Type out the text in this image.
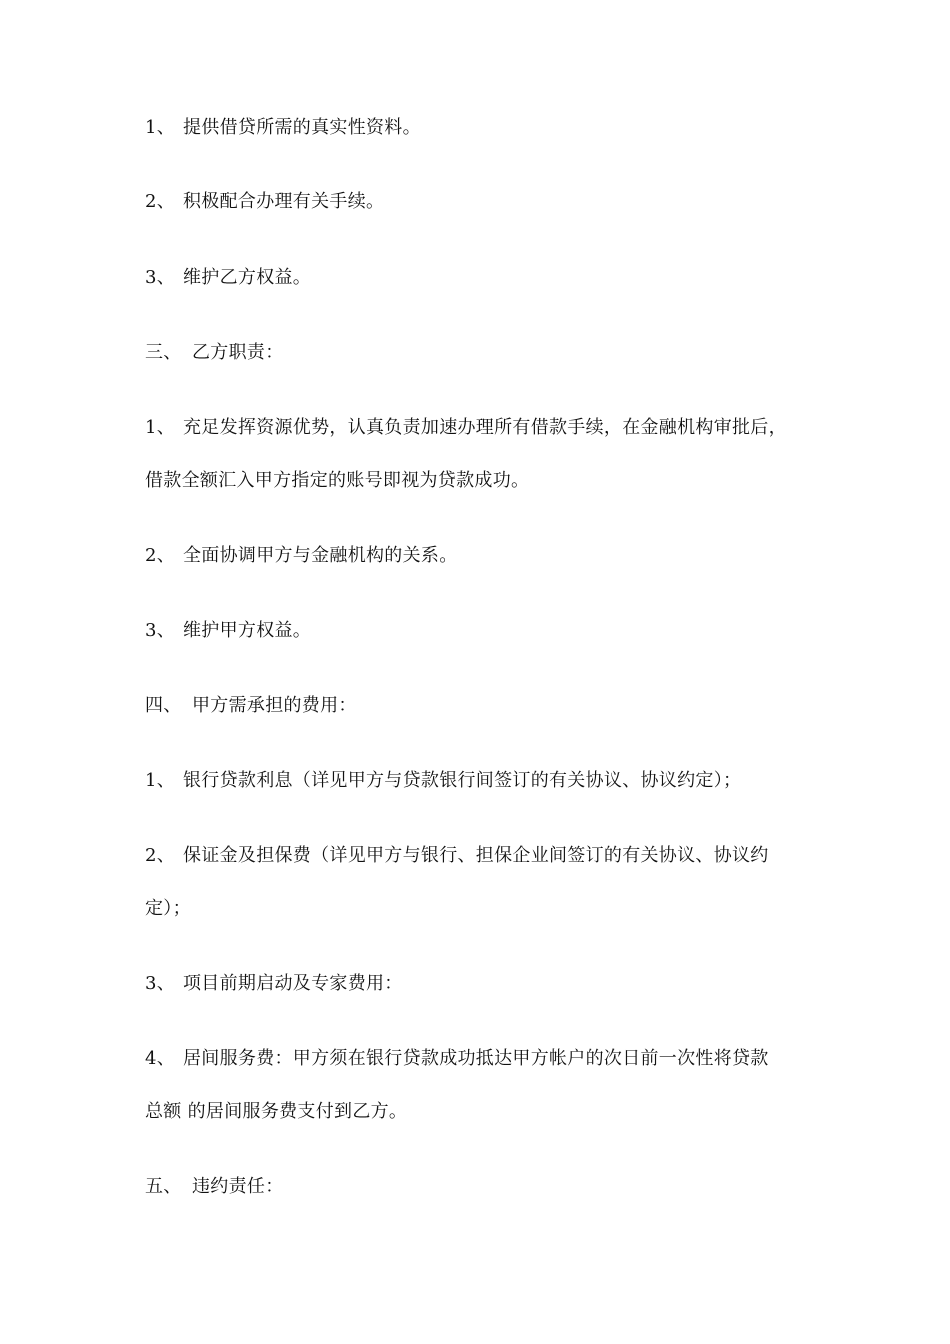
1、 提供借贷所需的真实性资料。
2、 积极配合办理有关手续。
3、 维护乙方权益。
三、 乙方职责：
1、 充足发挥资源优势，认真负责加速办理所有借款手续，在金融机构审批后，
借款全额汇入甲方指定的账号即视为贷款成功。
2、 全面协调甲方与金融机构的关系。
3、 维护甲方权益。
四、 甲方需承担的费用：
1、 银行贷款利息（详见甲方与贷款银行间签订的有关协议、协议约定）；
2、 保证金及担保费（详见甲方与银行、担保企业间签订的有关协议、协议约
定）；
3、 项目前期启动及专家费用：
4、 居间服务费：甲方须在银行贷款成功抵达甲方帐户的次日前一次性将贷款
总额 的居间服务费支付到乙方。
五、 违约责任：
